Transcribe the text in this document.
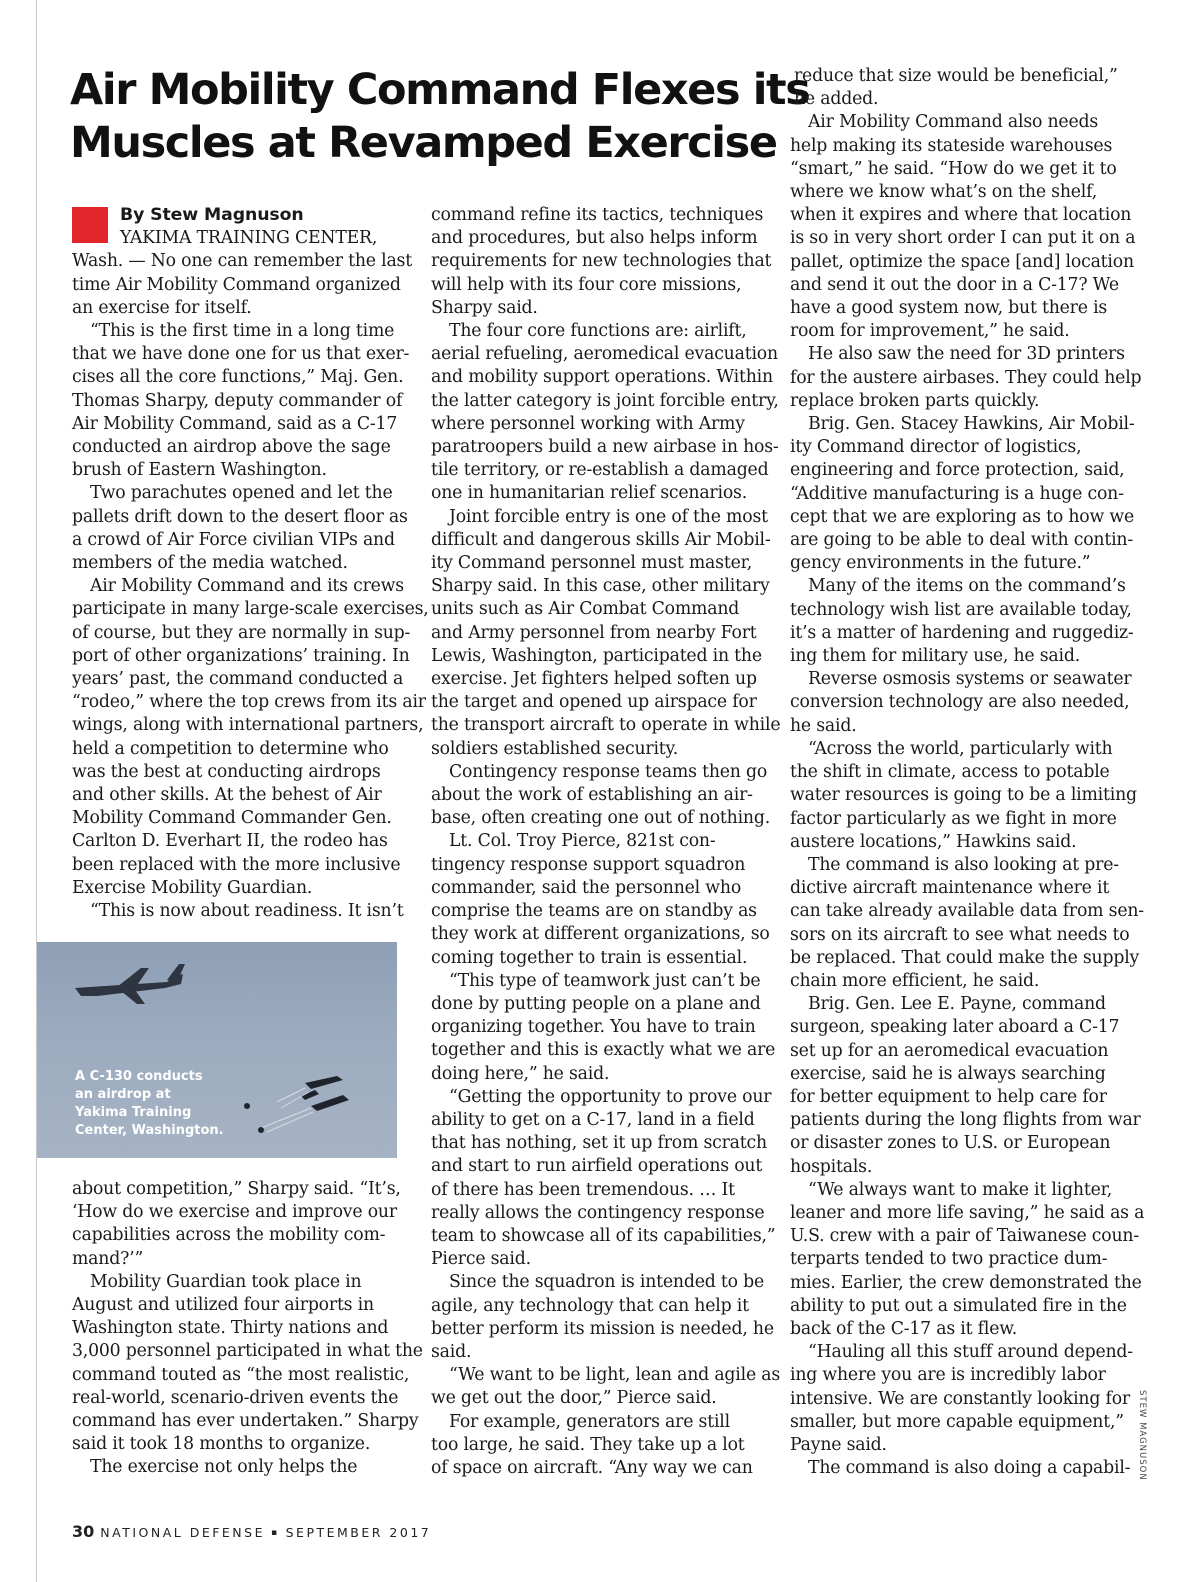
Air Mobility Command Flexes its
Muscles at Revamped Exercise
By Stew Magnuson

YAKIMA TRAINING CENTER,
Wash. — No one can remember the last
time Air Mobility Command organized
an exercise for itself.

“This is the first time in a long time
that we have done one for us that exer-
cises all the core functions,” Maj. Gen.
Thomas Sharpy, deputy commander of
Air Mobility Command, said as a C-17
conducted an airdrop above the sage
brush of Eastern Washington.

Two parachutes opened and let the
pallets drift down to the desert floor as
a crowd of Air Force civilian VIPs and
members of the media watched.

Air Mobility Command and its crews
participate in many large-scale exercises,
of course, but they are normally in sup-
port of other organizations’ training. In
years’ past, the command conducted a
“rodeo,” where the top crews from its air
wings, along with international partners,
held a competition to determine who
was the best at conducting airdrops
and other skills. At the behest of Air
Mobility Command Commander Gen.
Carlton D. Everhart II, the rodeo has
been replaced with the more inclusive
Exercise Mobility Guardian.

“This is now about readiness. It isn’t

A C-130 conducts
an airdrop at
Yakima Training
Center, Washington.

about competition,” Sharpy said. “It’s,
‘How do we exercise and improve our
capabilities across the mobility com-
mand?’”

Mobility Guardian took place in
August and utilized four airports in
Washington state. Thirty nations and
3,000 personnel participated in what the
command touted as “the most realistic,
real-world, scenario-driven events the
command has ever undertaken.” Sharpy
said it took 18 months to organize.

The exercise not only helps the

command refine its tactics, techniques
and procedures, but also helps inform
requirements for new technologies that
will help with its four core missions,
Sharpy said.

The four core functions are: airlift,
aerial refueling, aeromedical evacuation
and mobility support operations. Within
the latter category is joint forcible entry,
where personnel working with Army
paratroopers build a new airbase in hos-
tile territory, or re-establish a damaged
one in humanitarian relief scenarios.

Joint forcible entry is one of the most
difficult and dangerous skills Air Mobil-
ity Command personnel must master,
Sharpy said. In this case, other military
units such as Air Combat Command
and Army personnel from nearby Fort
Lewis, Washington, participated in the
exercise. Jet fighters helped soften up
the target and opened up airspace for
the transport aircraft to operate in while
soldiers established security.

Contingency response teams then go
about the work of establishing an air-
base, often creating one out of nothing.

Lt. Col. Troy Pierce, 821st con-
tingency response support squadron
commander, said the personnel who
comprise the teams are on standby as
they work at different organizations, so
coming together to train is essential.

“This type of teamwork just can’t be
done by putting people on a plane and
organizing together. You have to train
together and this is exactly what we are
doing here,” he said.

“Getting the opportunity to prove our
ability to get on a C-17, land in a field
that has nothing, set it up from scratch
and start to run airfield operations out
of there has been tremendous. … It
really allows the contingency response
team to showcase all of its capabilities,”
Pierce said.

Since the squadron is intended to be
agile, any technology that can help it
better perform its mission is needed, he
said.

“We want to be light, lean and agile as
we get out the door,” Pierce said.

For example, generators are still
too large, he said. They take up a lot
of space on aircraft. “Any way we can

reduce that size would be beneficial,”
he added.

Air Mobility Command also needs
help making its stateside warehouses
“smart,” he said. “How do we get it to
where we know what’s on the shelf,
when it expires and where that location
is so in very short order I can put it on a
pallet, optimize the space [and] location
and send it out the door in a C-17? We
have a good system now, but there is
room for improvement,” he said.

He also saw the need for 3D printers
for the austere airbases. They could help
replace broken parts quickly.

Brig. Gen. Stacey Hawkins, Air Mobil-
ity Command director of logistics,
engineering and force protection, said,
“Additive manufacturing is a huge con-
cept that we are exploring as to how we
are going to be able to deal with contin-
gency environments in the future.”

Many of the items on the command’s
technology wish list are available today,
it’s a matter of hardening and ruggediz-
ing them for military use, he said.

Reverse osmosis systems or seawater
conversion technology are also needed,
he said.

“Across the world, particularly with
the shift in climate, access to potable
water resources is going to be a limiting
factor particularly as we fight in more
austere locations,” Hawkins said.

The command is also looking at pre-
dictive aircraft maintenance where it
can take already available data from sen-
sors on its aircraft to see what needs to
be replaced. That could make the supply
chain more efficient, he said.

Brig. Gen. Lee E. Payne, command
surgeon, speaking later aboard a C-17
set up for an aeromedical evacuation
exercise, said he is always searching
for better equipment to help care for
patients during the long flights from war
or disaster zones to U.S. or European
hospitals.

“We always want to make it lighter,
leaner and more life saving,” he said as a
U.S. crew with a pair of Taiwanese coun-
terparts tended to two practice dum-
mies. Earlier, the crew demonstrated the
ability to put out a simulated fire in the
back of the C-17 as it flew.

“Hauling all this stuff around depend-
ing where you are is incredibly labor
intensive. We are constantly looking for
smaller, but more capable equipment,”
Payne said.

The command is also doing a capabil- STEW MAGNUSON
30 NATIONAL DEFENSE ▪ SEPTEMBER 2017
